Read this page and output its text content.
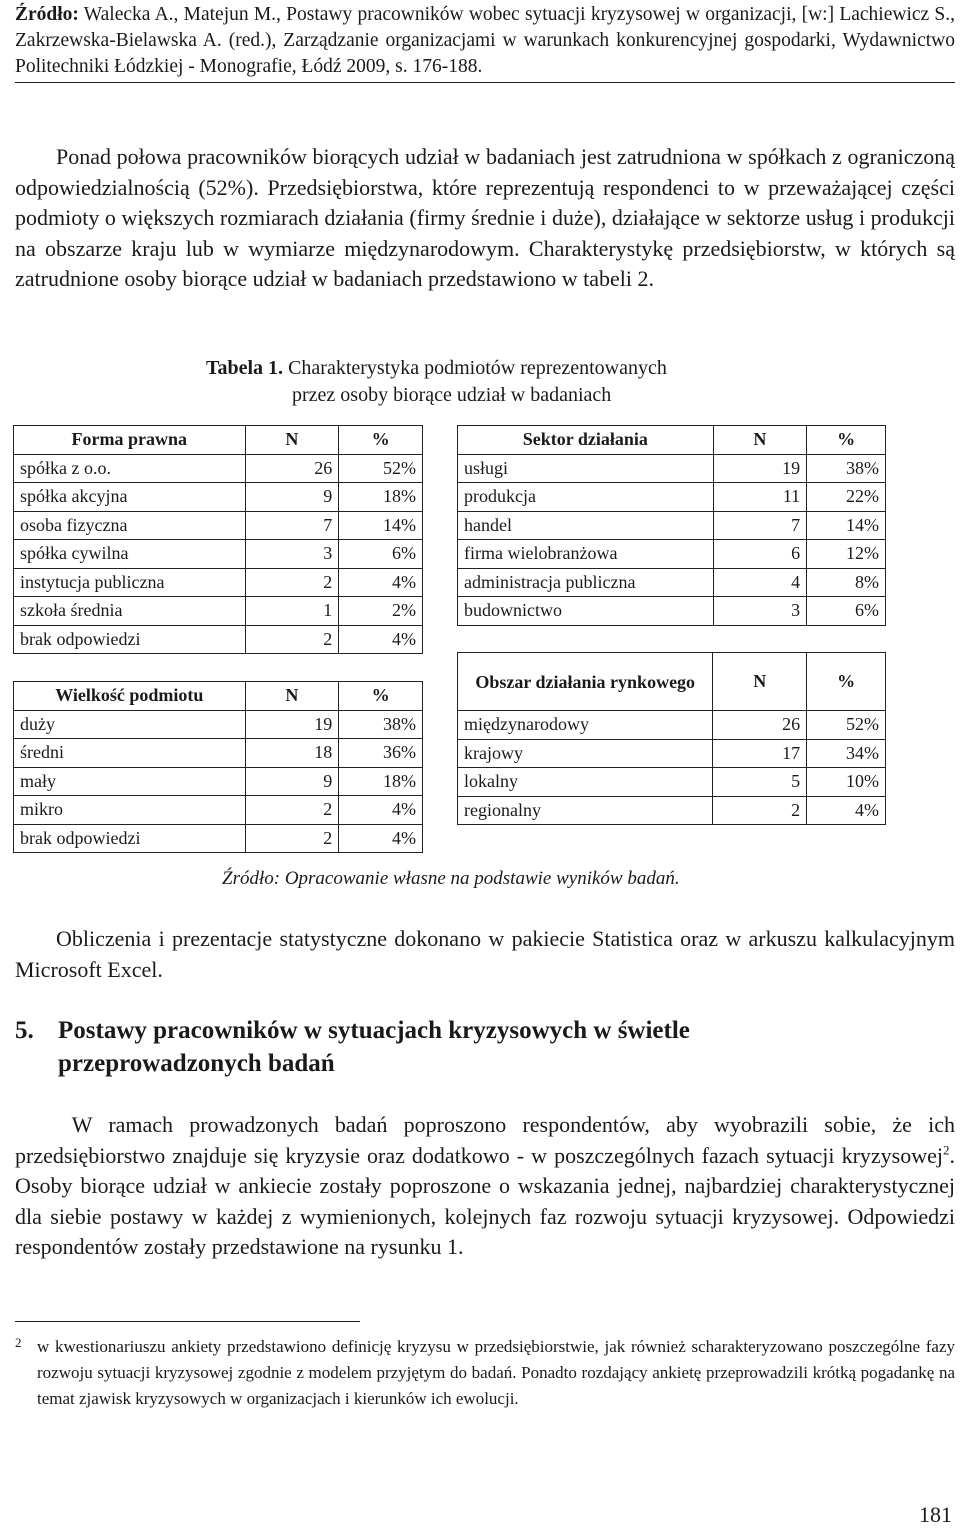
Źródło: Walecka A., Matejun M., Postawy pracowników wobec sytuacji kryzysowej w organizacji, [w:] Lachiewicz S., Zakrzewska-Bielawska A. (red.), Zarządzanie organizacjami w warunkach konkurencyjnej gospodarki, Wydawnictwo Politechniki Łódzkiej - Monografie, Łódź 2009, s. 176-188.
Ponad połowa pracowników biorących udział w badaniach jest zatrudniona w spółkach z ograniczoną odpowiedzialnością (52%). Przedsiębiorstwa, które reprezentują respondenci to w przeważającej części podmioty o większych rozmiarach działania (firmy średnie i duże), działające w sektorze usług i produkcji na obszarze kraju lub w wymiarze międzynarodowym. Charakterystykę przedsiębiorstw, w których są zatrudnione osoby biorące udział w badaniach przedstawiono w tabeli 2.
Tabela 1. Charakterystyka podmiotów reprezentowanych
przez osoby biorące udział w badaniach
Forma prawna	N	%
spółka z o.o.	26	52%
spółka akcyjna	9	18%
osoba fizyczna	7	14%
spółka cywilna	3	6%
instytucja publiczna	2	4%
szkoła średnia	1	2%
brak odpowiedzi	2	4%
Sektor działania	N	%
usługi	19	38%
produkcja	11	22%
handel	7	14%
firma wielobranżowa	6	12%
administracja publiczna	4	8%
budownictwo	3	6%
Wielkość podmiotu	N	%
duży	19	38%
średni	18	36%
mały	9	18%
mikro	2	4%
brak odpowiedzi	2	4%
Obszar działania rynkowego	N	%
międzynarodowy	26	52%
krajowy	17	34%
lokalny	5	10%
regionalny	2	4%
Źródło: Opracowanie własne na podstawie wyników badań.
Obliczenia i prezentacje statystyczne dokonano w pakiecie Statistica oraz w arkuszu kalkulacyjnym Microsoft Excel.
5. Postawy pracowników w sytuacjach kryzysowych w świetle
przeprowadzonych badań
W ramach prowadzonych badań poproszono respondentów, aby wyobrazili sobie, że ich przedsiębiorstwo znajduje się kryzysie oraz dodatkowo - w poszczególnych fazach sytuacji kryzysowej$^2$. Osoby biorące udział w ankiecie zostały poproszone o wskazania jednej, najbardziej charakterystycznej dla siebie postawy w każdej z wymienionych, kolejnych faz rozwoju sytuacji kryzysowej. Odpowiedzi respondentów zostały przedstawione na rysunku 1.
2 w kwestionariuszu ankiety przedstawiono definicję kryzysu w przedsiębiorstwie, jak również scharakteryzowano poszczególne fazy rozwoju sytuacji kryzysowej zgodnie z modelem przyjętym do badań. Ponadto rozdający ankietę przeprowadzili krótką pogadankę na temat zjawisk kryzysowych w organizacjach i kierunków ich ewolucji.
181
